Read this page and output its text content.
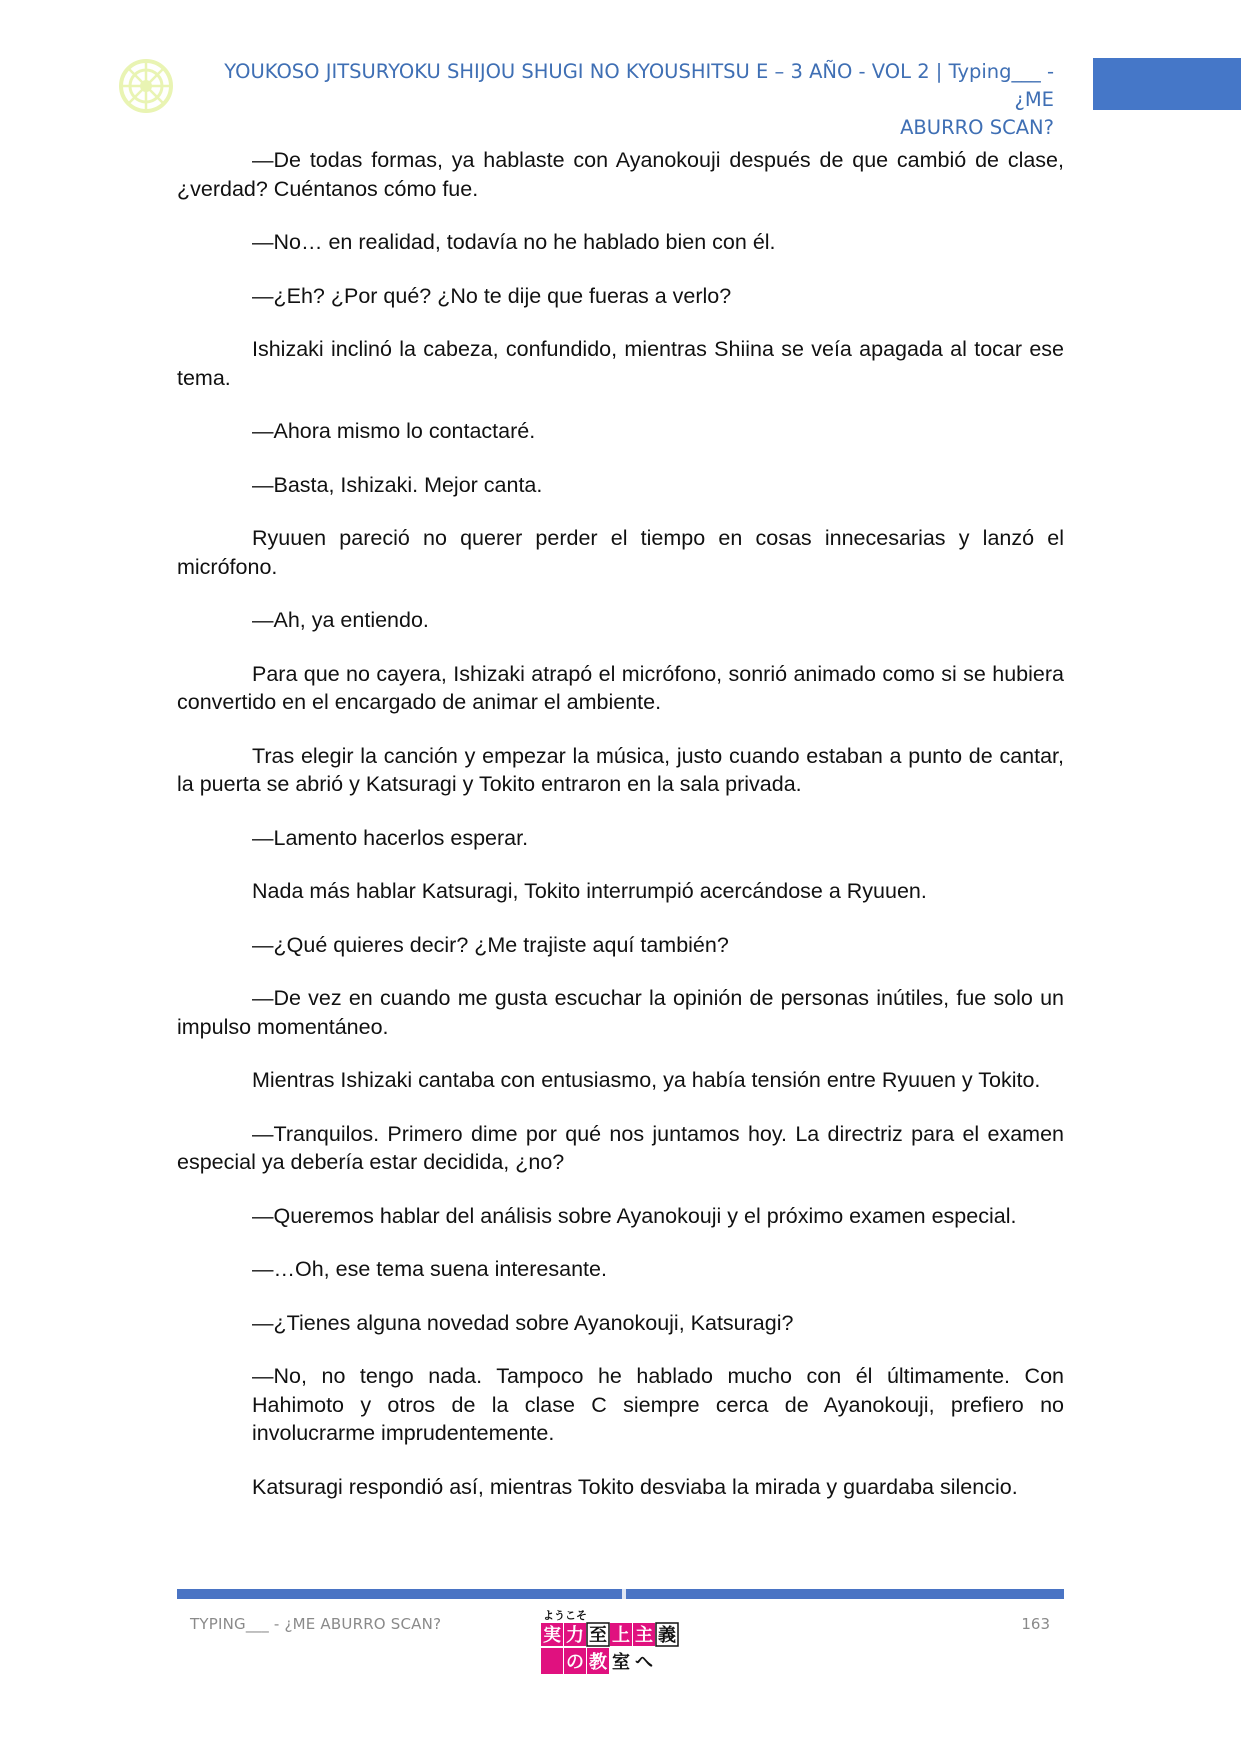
YOUKOSO JITSURYOKU SHIJOU SHUGI NO KYOUSHITSU E – 3 AÑO - VOL 2 | Typing___ - ¿ME
ABURRO SCAN?

—De todas formas, ya hablaste con Ayanokouji después de que cambió de clase, ¿verdad? Cuéntanos cómo fue.

—No… en realidad, todavía no he hablado bien con él.

—¿Eh? ¿Por qué? ¿No te dije que fueras a verlo?

Ishizaki inclinó la cabeza, confundido, mientras Shiina se veía apagada al tocar ese tema.

—Ahora mismo lo contactaré.

—Basta, Ishizaki. Mejor canta.

Ryuuen pareció no querer perder el tiempo en cosas innecesarias y lanzó el micrófono.

—Ah, ya entiendo.

Para que no cayera, Ishizaki atrapó el micrófono, sonrió animado como si se hubiera convertido en el encargado de animar el ambiente.

Tras elegir la canción y empezar la música, justo cuando estaban a punto de cantar, la puerta se abrió y Katsuragi y Tokito entraron en la sala privada.

—Lamento hacerlos esperar.

Nada más hablar Katsuragi, Tokito interrumpió acercándose a Ryuuen.

—¿Qué quieres decir? ¿Me trajiste aquí también?

—De vez en cuando me gusta escuchar la opinión de personas inútiles, fue solo un impulso momentáneo.

Mientras Ishizaki cantaba con entusiasmo, ya había tensión entre Ryuuen y Tokito.

—Tranquilos. Primero dime por qué nos juntamos hoy. La directriz para el examen especial ya debería estar decidida, ¿no?

—Queremos hablar del análisis sobre Ayanokouji y el próximo examen especial.

—…Oh, ese tema suena interesante.

—¿Tienes alguna novedad sobre Ayanokouji, Katsuragi?

—No, no tengo nada. Tampoco he hablado mucho con él últimamente. Con Hahimoto y otros de la clase C siempre cerca de Ayanokouji, prefiero no involucrarme imprudentemente.

Katsuragi respondió así, mientras Tokito desviaba la mirada y guardaba silencio.

TYPING___ - ¿ME ABURRO SCAN?	163
ようこそ
実 力 至 上 主 義
の 教 室 へ
